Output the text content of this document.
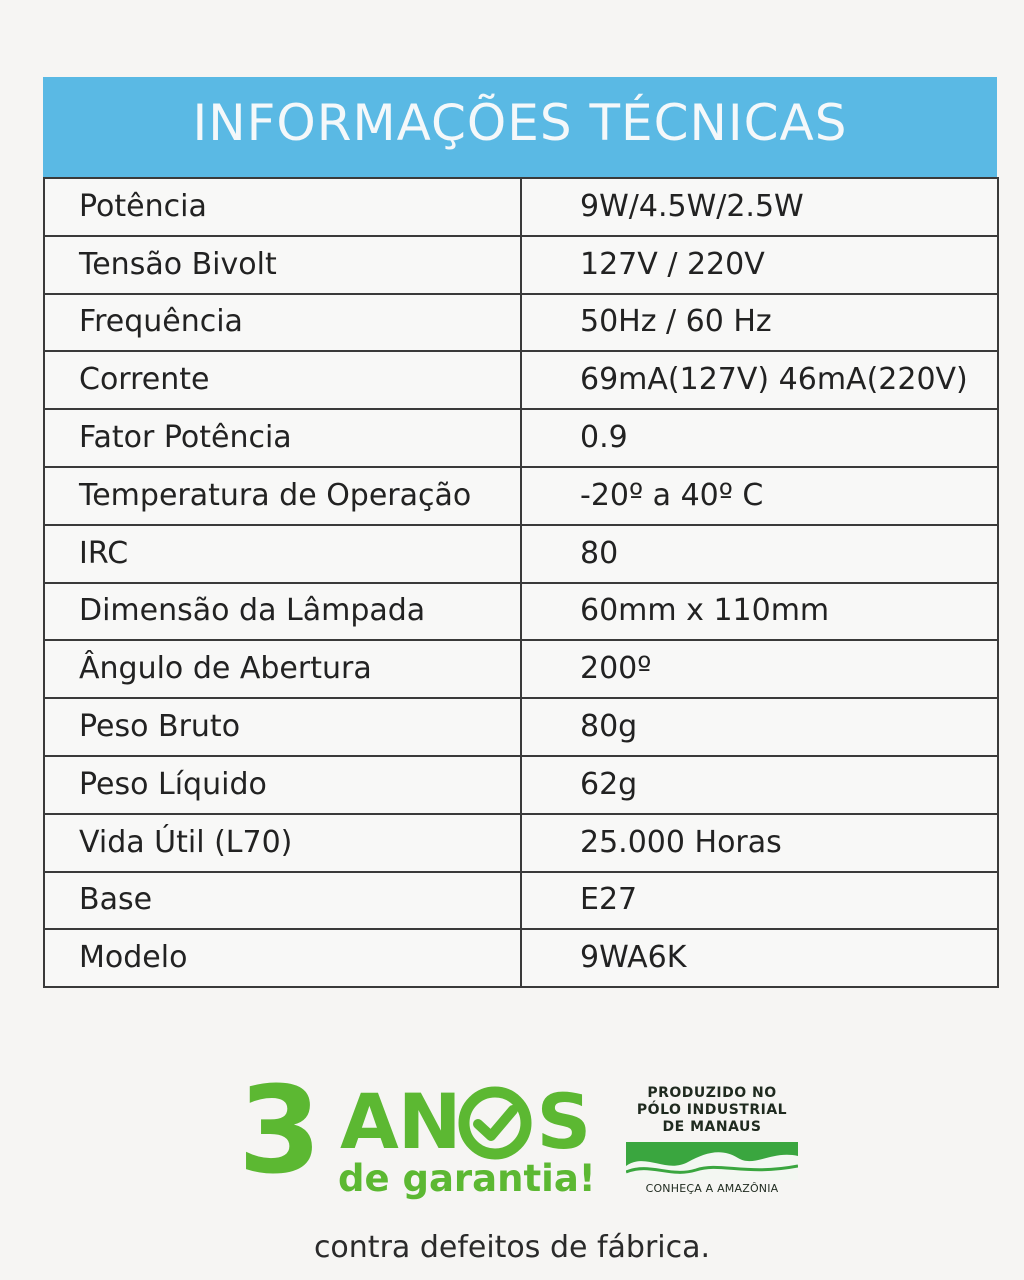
INFORMAÇÕES TÉCNICAS
Potência	9W/4.5W/2.5W
Tensão Bivolt	127V / 220V
Frequência	50Hz / 60 Hz
Corrente	69mA(127V) 46mA(220V)
Fator Potência	0.9
Temperatura de Operação	-20º a 40º C
IRC	80
Dimensão da Lâmpada	60mm x 110mm
Ângulo de Abertura	200º
Peso Bruto	80g
Peso Líquido	62g
Vida Útil (L70)	25.000 Horas
Base	E27
Modelo	9WA6K
3 AN S
de garantia!
PRODUZIDO NO
PÓLO INDUSTRIAL
DE MANAUS
CONHEÇA A AMAZÔNIA
contra defeitos de fábrica.
